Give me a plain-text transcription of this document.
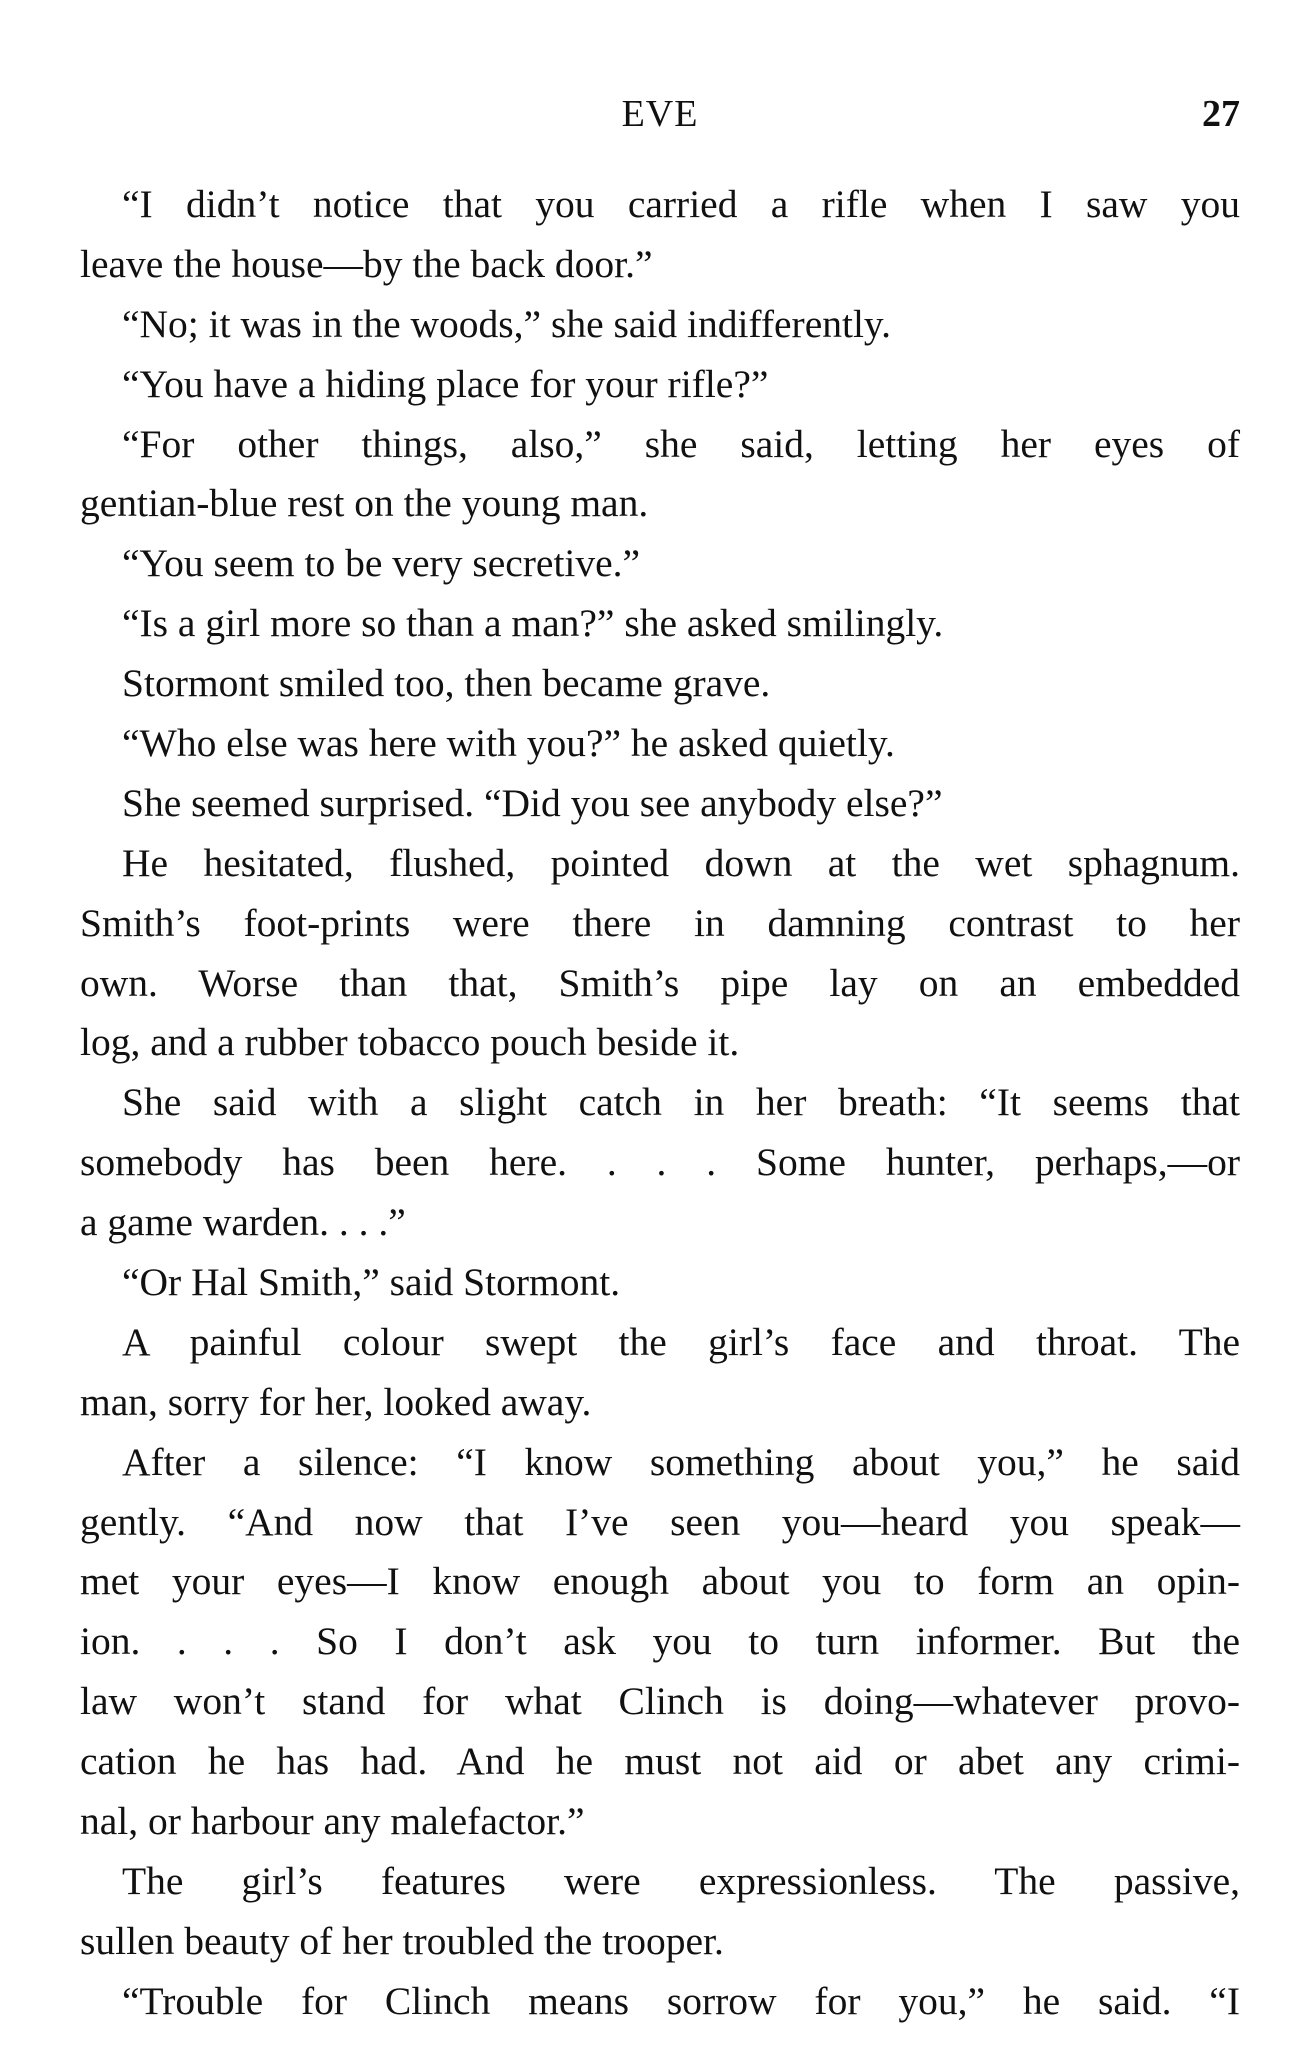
EVE	27
“I didn’t notice that you carried a rifle when I saw you
leave the house—by the back door.”
“No; it was in the woods,” she said indifferently.
“You have a hiding place for your rifle?”
“For other things, also,” she said, letting her eyes of
gentian-blue rest on the young man.
“You seem to be very secretive.”
“Is a girl more so than a man?” she asked smilingly.
Stormont smiled too, then became grave.
“Who else was here with you?” he asked quietly.
She seemed surprised. “Did you see anybody else?”
He hesitated, flushed, pointed down at the wet sphagnum.
Smith’s foot-prints were there in damning contrast to her
own. Worse than that, Smith’s pipe lay on an embedded
log, and a rubber tobacco pouch beside it.
She said with a slight catch in her breath: “It seems that
somebody has been here. . . . Some hunter, perhaps,—or
a game warden. . . .”
“Or Hal Smith,” said Stormont.
A painful colour swept the girl’s face and throat. The
man, sorry for her, looked away.
After a silence: “I know something about you,” he said
gently. “And now that I’ve seen you—heard you speak—
met your eyes—I know enough about you to form an opin-
ion. . . . So I don’t ask you to turn informer. But the
law won’t stand for what Clinch is doing—whatever provo-
cation he has had. And he must not aid or abet any crimi-
nal, or harbour any malefactor.”
The girl’s features were expressionless. The passive,
sullen beauty of her troubled the trooper.
“Trouble for Clinch means sorrow for you,” he said. “I
